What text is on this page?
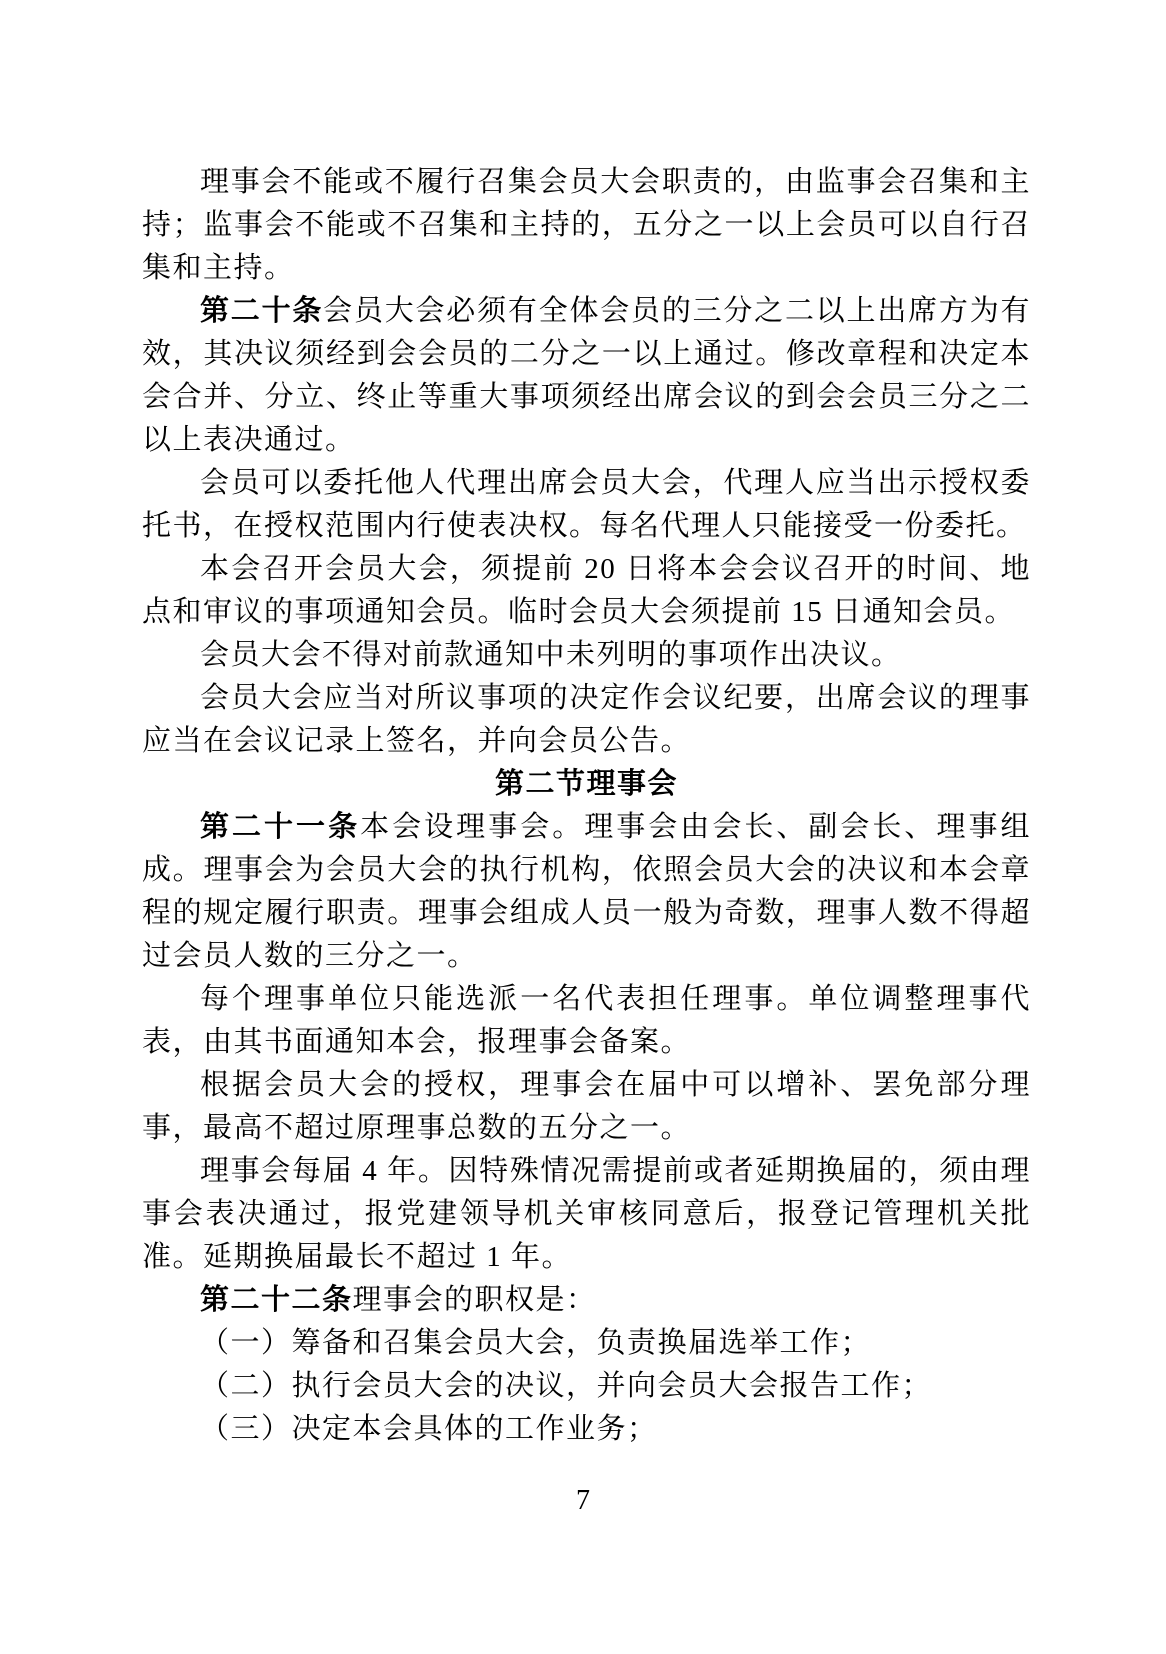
理事会不能或不履行召集会员大会职责的，由监事会召集和主持；监事会不能或不召集和主持的，五分之一以上会员可以自行召集和主持。

第二十条会员大会必须有全体会员的三分之二以上出席方为有效，其决议须经到会会员的二分之一以上通过。修改章程和决定本会合并、分立、终止等重大事项须经出席会议的到会会员三分之二以上表决通过。

会员可以委托他人代理出席会员大会，代理人应当出示授权委托书，在授权范围内行使表决权。每名代理人只能接受一份委托。

本会召开会员大会，须提前 20 日将本会会议召开的时间、地点和审议的事项通知会员。临时会员大会须提前 15 日通知会员。

会员大会不得对前款通知中未列明的事项作出决议。

会员大会应当对所议事项的决定作会议纪要，出席会议的理事应当在会议记录上签名，并向会员公告。

第二节理事会

第二十一条本会设理事会。理事会由会长、副会长、理事组成。理事会为会员大会的执行机构，依照会员大会的决议和本会章程的规定履行职责。理事会组成人员一般为奇数，理事人数不得超过会员人数的三分之一。

每个理事单位只能选派一名代表担任理事。单位调整理事代表，由其书面通知本会，报理事会备案。

根据会员大会的授权，理事会在届中可以增补、罢免部分理事，最高不超过原理事总数的五分之一。

理事会每届 4 年。因特殊情况需提前或者延期换届的，须由理事会表决通过，报党建领导机关审核同意后，报登记管理机关批准。延期换届最长不超过 1 年。

第二十二条理事会的职权是：

（一）筹备和召集会员大会，负责换届选举工作；

（二）执行会员大会的决议，并向会员大会报告工作；

（三）决定本会具体的工作业务；

7
